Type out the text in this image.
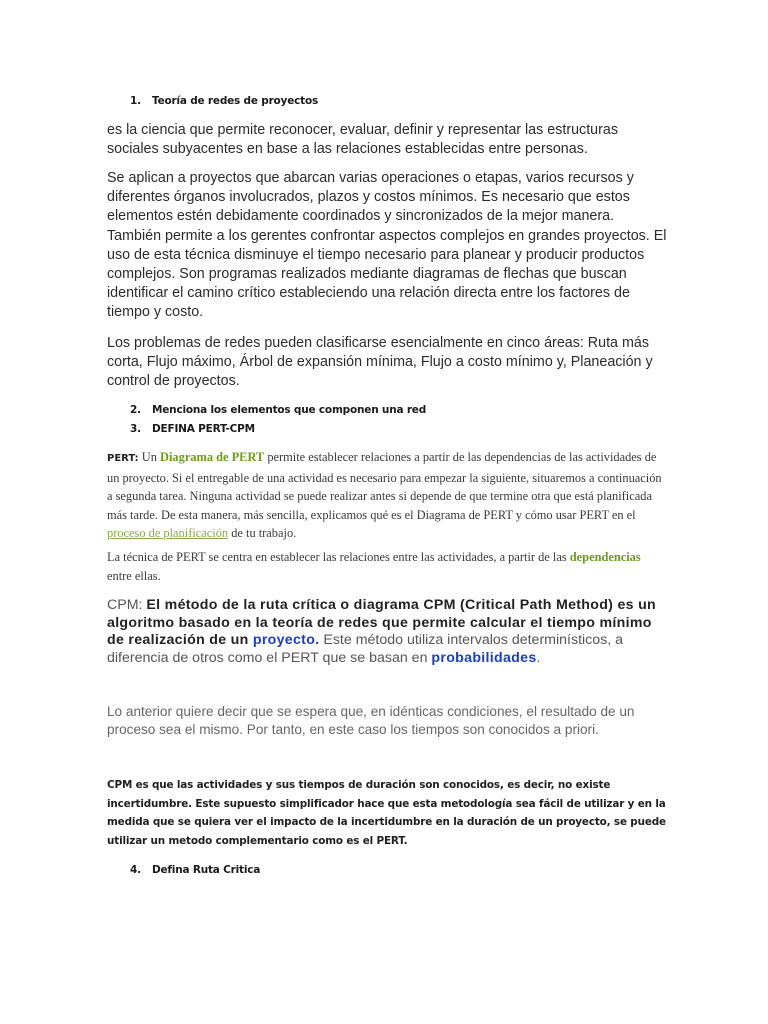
1. Teoría de redes de proyectos

es la ciencia que permite reconocer, evaluar, definir y representar las estructuras sociales subyacentes en base a las relaciones establecidas entre personas.

Se aplican a proyectos que abarcan varias operaciones o etapas, varios recursos y diferentes órganos involucrados, plazos y costos mínimos. Es necesario que estos elementos estén debidamente coordinados y sincronizados de la mejor manera. También permite a los gerentes confrontar aspectos complejos en grandes proyectos. El uso de esta técnica disminuye el tiempo necesario para planear y producir productos complejos. Son programas realizados mediante diagramas de flechas que buscan identificar el camino crítico estableciendo una relación directa entre los factores de tiempo y costo.

Los problemas de redes pueden clasificarse esencialmente en cinco áreas: Ruta más corta, Flujo máximo, Árbol de expansión mínima, Flujo a costo mínimo y, Planeación y control de proyectos.

2. Menciona los elementos que componen una red
3. DEFINA PERT-CPM

PERT: Un Diagrama de PERT permite establecer relaciones a partir de las dependencias de las actividades de un proyecto. Si el entregable de una actividad es necesario para empezar la siguiente, situaremos a continuación a segunda tarea. Ninguna actividad se puede realizar antes si depende de que termine otra que está planificada más tarde. De esta manera, más sencilla, explicamos qué es el Diagrama de PERT y cómo usar PERT en el proceso de planificación de tu trabajo.

La técnica de PERT se centra en establecer las relaciones entre las actividades, a partir de las dependencias entre ellas.

CPM: El método de la ruta crítica o diagrama CPM (Critical Path Method) es un algoritmo basado en la teoría de redes que permite calcular el tiempo mínimo de realización de un proyecto. Este método utiliza intervalos determinísticos, a diferencia de otros como el PERT que se basan en probabilidades.

Lo anterior quiere decir que se espera que, en idénticas condiciones, el resultado de un proceso sea el mismo. Por tanto, en este caso los tiempos son conocidos a priori.

CPM es que las actividades y sus tiempos de duración son conocidos, es decir, no existe incertidumbre. Este supuesto simplificador hace que esta metodología sea fácil de utilizar y en la medida que se quiera ver el impacto de la incertidumbre en la duración de un proyecto, se puede utilizar un metodo complementario como es el PERT.

4. Defina Ruta Critica
